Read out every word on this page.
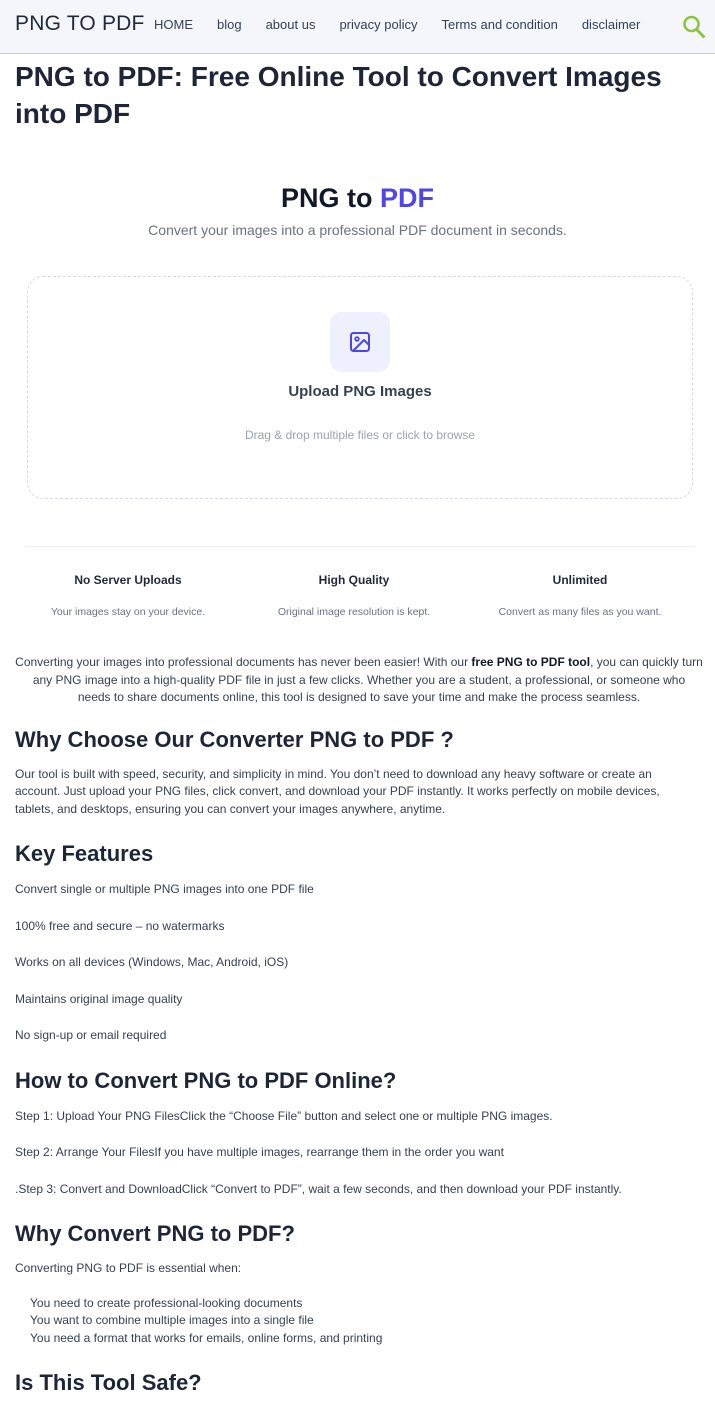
PNG TO PDF HOME blog about us privacy policy Terms and condition disclaimer
PNG to PDF: Free Online Tool to Convert Images into PDF
PNG to PDF

Convert your images into a professional PDF document in seconds.

Upload PNG Images
Drag & drop multiple files or click to browse
No Server Uploads
Your images stay on your device.
High Quality
Original image resolution is kept.
Unlimited
Convert as many files as you want.

Converting your images into professional documents has never been easier! With our free PNG to PDF tool, you can quickly turn any PNG image into a high-quality PDF file in just a few clicks. Whether you are a student, a professional, or someone who needs to share documents online, this tool is designed to save your time and make the process seamless.

Why Choose Our Converter PNG to PDF ?

Our tool is built with speed, security, and simplicity in mind. You don’t need to download any heavy software or create an account. Just upload your PNG files, click convert, and download your PDF instantly. It works perfectly on mobile devices, tablets, and desktops, ensuring you can convert your images anywhere, anytime.

Key Features
Convert single or multiple PNG images into one PDF file
100% free and secure – no watermarks
Works on all devices (Windows, Mac, Android, iOS)
Maintains original image quality
No sign-up or email required
How to Convert PNG to PDF Online?
Step 1: Upload Your PNG FilesClick the “Choose File” button and select one or multiple PNG images.
Step 2: Arrange Your FilesIf you have multiple images, rearrange them in the order you want
.Step 3: Convert and DownloadClick “Convert to PDF”, wait a few seconds, and then download your PDF instantly.
Why Convert PNG to PDF?

Converting PNG to PDF is essential when:

You need to create professional-looking documents
You want to combine multiple images into a single file
You need a format that works for emails, online forms, and printing
Is This Tool Safe?
